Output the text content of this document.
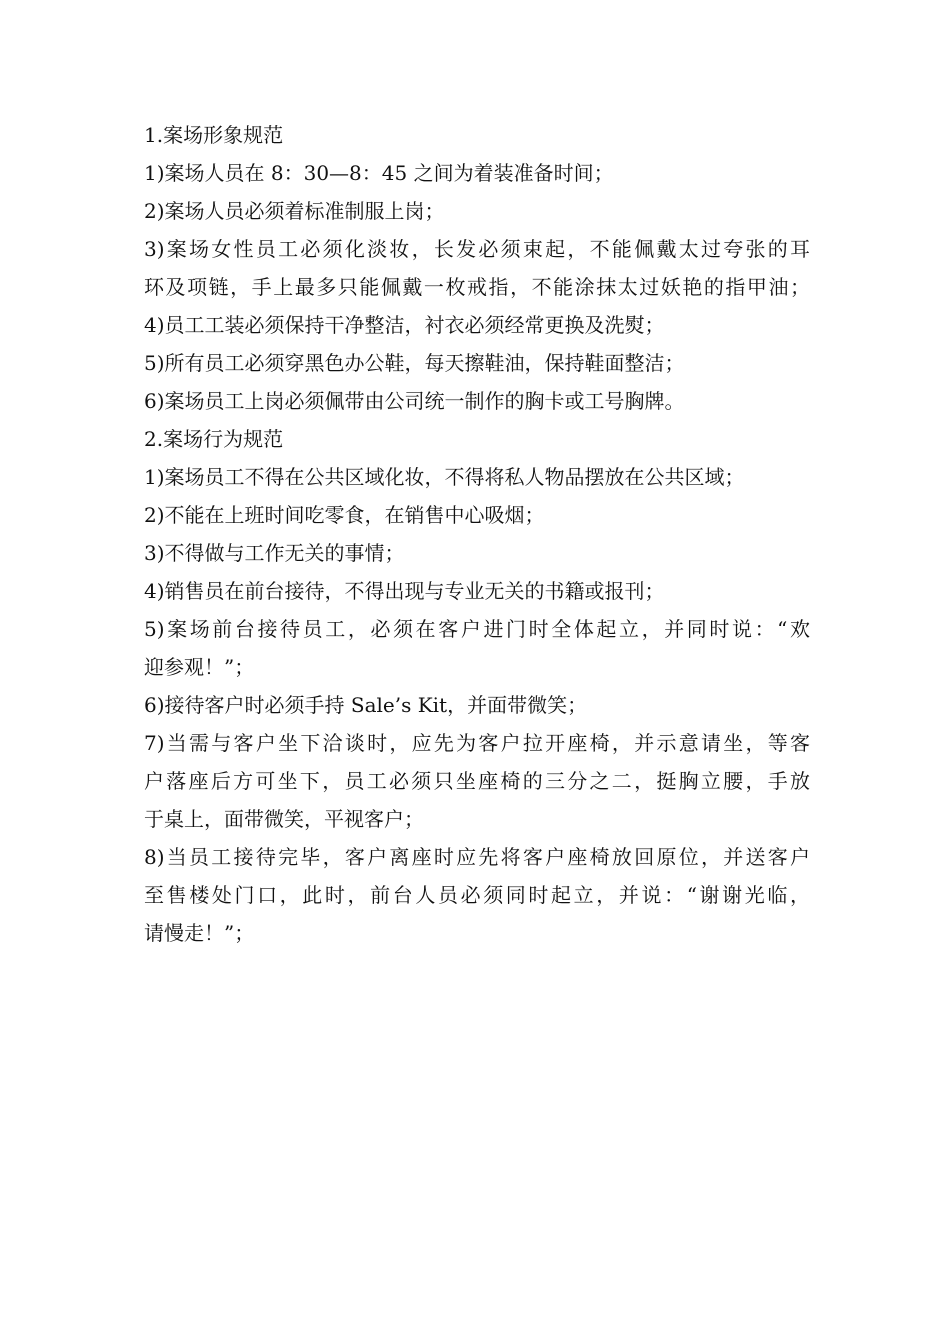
1.案场形象规范

1)案场人员在 8：30—8：45 之间为着装准备时间；

2)案场人员必须着标准制服上岗；

3)案场女性员工必须化淡妆，长发必须束起，不能佩戴太过夸张的耳

环及项链，手上最多只能佩戴一枚戒指，不能涂抹太过妖艳的指甲油；

4)员工工装必须保持干净整洁，衬衣必须经常更换及洗熨；

5)所有员工必须穿黑色办公鞋，每天擦鞋油，保持鞋面整洁；

6)案场员工上岗必须佩带由公司统一制作的胸卡或工号胸牌。

2.案场行为规范

1)案场员工不得在公共区域化妆，不得将私人物品摆放在公共区域；

2)不能在上班时间吃零食，在销售中心吸烟；

3)不得做与工作无关的事情；

4)销售员在前台接待，不得出现与专业无关的书籍或报刊；

5)案场前台接待员工，必须在客户进门时全体起立，并同时说：“欢

迎参观！”；

6)接待客户时必须手持 Sale’s Kit，并面带微笑；

7)当需与客户坐下洽谈时，应先为客户拉开座椅，并示意请坐，等客

户落座后方可坐下，员工必须只坐座椅的三分之二，挺胸立腰，手放

于桌上，面带微笑，平视客户；

8)当员工接待完毕，客户离座时应先将客户座椅放回原位，并送客户

至售楼处门口，此时，前台人员必须同时起立，并说：“谢谢光临，

请慢走！”；
